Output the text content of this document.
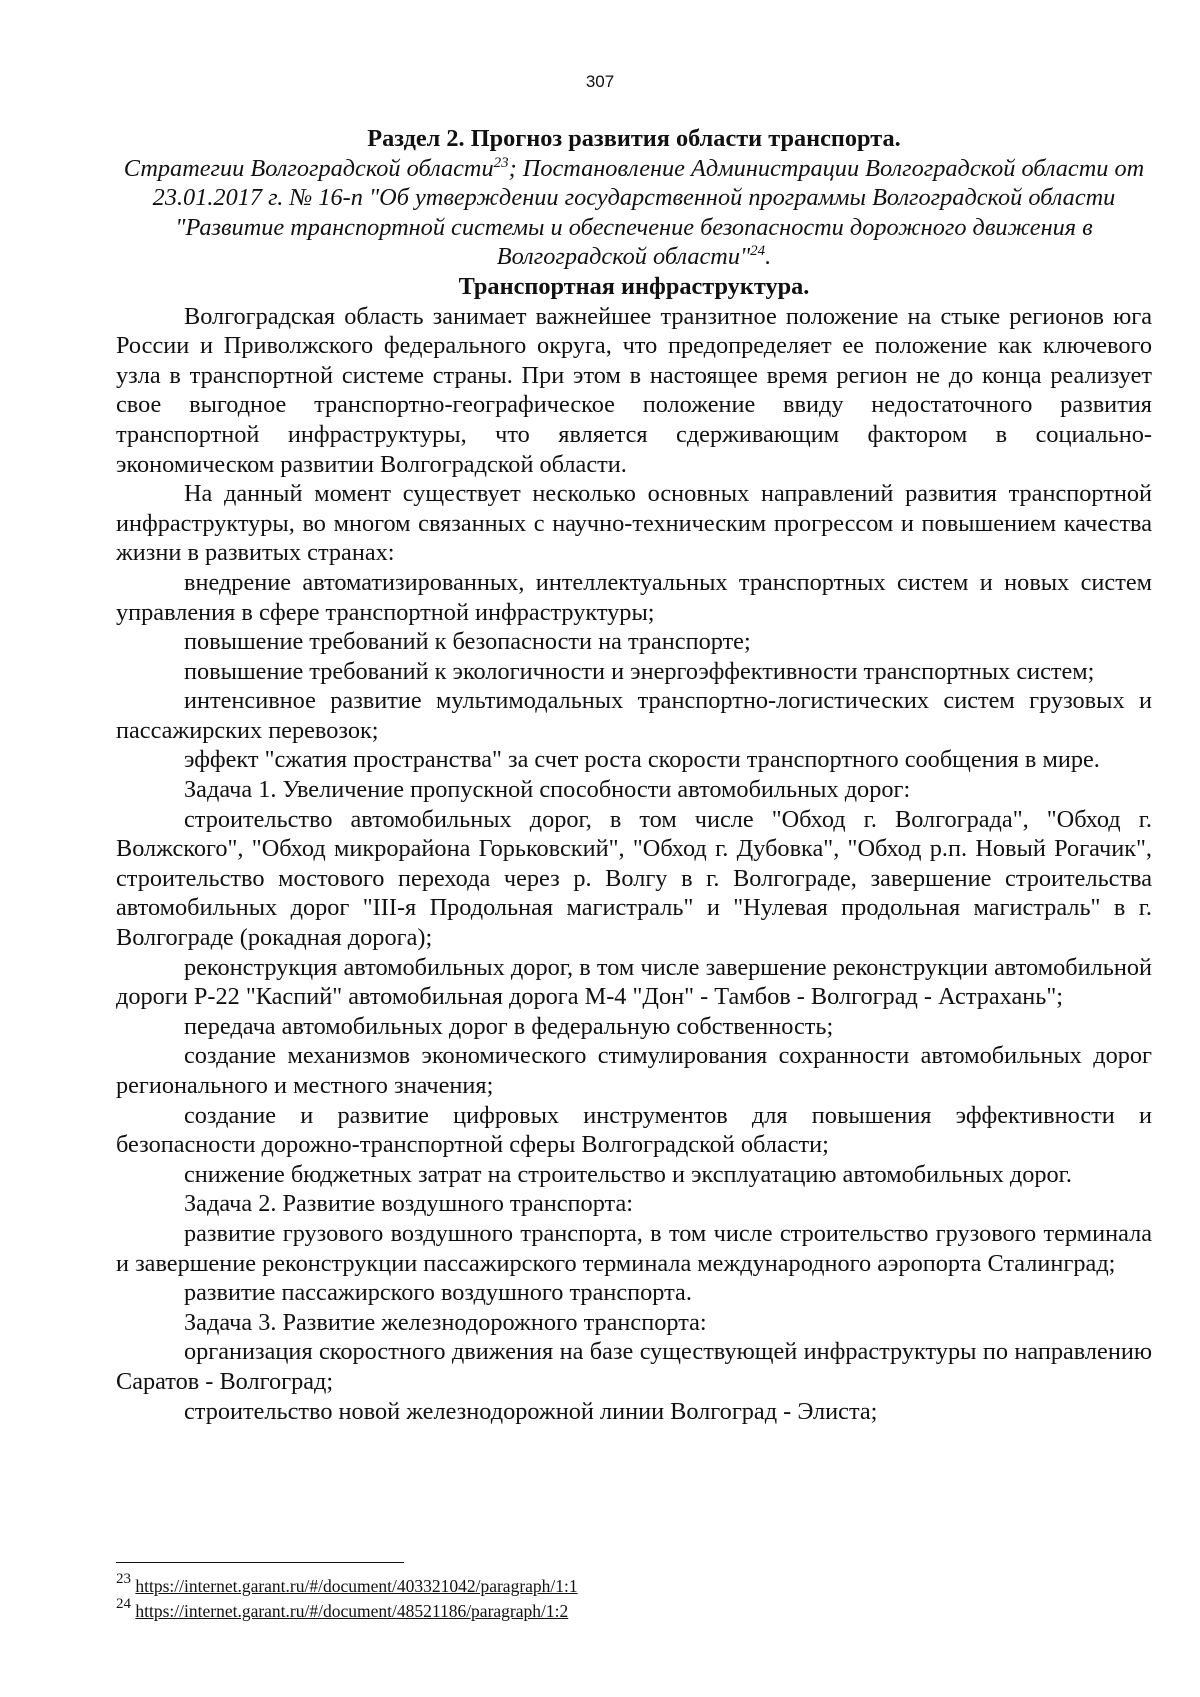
307

Раздел 2. Прогноз развития области транспорта.

Стратегии Волгоградской области$^{23}$; Постановление Администрации Волгоградской области от 23.01.2017 г. № 16-п "Об утверждении государственной программы Волгоградской области "Развитие транспортной системы и обеспечение безопасности дорожного движения в Волгоградской области"$^{24}$.

Транспортная инфраструктура.

Волгоградская область занимает важнейшее транзитное положение на стыке регионов юга России и Приволжского федерального округа, что предопределяет ее положение как ключевого узла в транспортной системе страны. При этом в настоящее время регион не до конца реализует свое выгодное транспортно-географическое положение ввиду недостаточного развития транспортной инфраструктуры, что является сдерживающим фактором в социально-экономическом развитии Волгоградской области.

На данный момент существует несколько основных направлений развития транспортной инфраструктуры, во многом связанных с научно-техническим прогрессом и повышением качества жизни в развитых странах:

внедрение автоматизированных, интеллектуальных транспортных систем и новых систем управления в сфере транспортной инфраструктуры;

повышение требований к безопасности на транспорте;

повышение требований к экологичности и энергоэффективности транспортных систем;

интенсивное развитие мультимодальных транспортно-логистических систем грузовых и пассажирских перевозок;

эффект "сжатия пространства" за счет роста скорости транспортного сообщения в мире.

Задача 1. Увеличение пропускной способности автомобильных дорог:

строительство автомобильных дорог, в том числе "Обход г. Волгограда", "Обход г. Волжского", "Обход микрорайона Горьковский", "Обход г. Дубовка", "Обход р.п. Новый Рогачик", строительство мостового перехода через р. Волгу в г. Волгограде, завершение строительства автомобильных дорог "III-я Продольная магистраль" и "Нулевая продольная магистраль" в г. Волгограде (рокадная дорога);

реконструкция автомобильных дорог, в том числе завершение реконструкции автомобильной дороги Р-22 "Каспий" автомобильная дорога М-4 "Дон" - Тамбов - Волгоград - Астрахань";

передача автомобильных дорог в федеральную собственность;

создание механизмов экономического стимулирования сохранности автомобильных дорог регионального и местного значения;

создание и развитие цифровых инструментов для повышения эффективности и безопасности дорожно-транспортной сферы Волгоградской области;

снижение бюджетных затрат на строительство и эксплуатацию автомобильных дорог.

Задача 2. Развитие воздушного транспорта:

развитие грузового воздушного транспорта, в том числе строительство грузового терминала и завершение реконструкции пассажирского терминала международного аэропорта Сталинград;

развитие пассажирского воздушного транспорта.

Задача 3. Развитие железнодорожного транспорта:

организация скоростного движения на базе существующей инфраструктуры по направлению Саратов - Волгоград;

строительство новой железнодорожной линии Волгоград - Элиста;

$^{23}$ https://internet.garant.ru/#/document/403321042/paragraph/1:1

$^{24}$ https://internet.garant.ru/#/document/48521186/paragraph/1:2
